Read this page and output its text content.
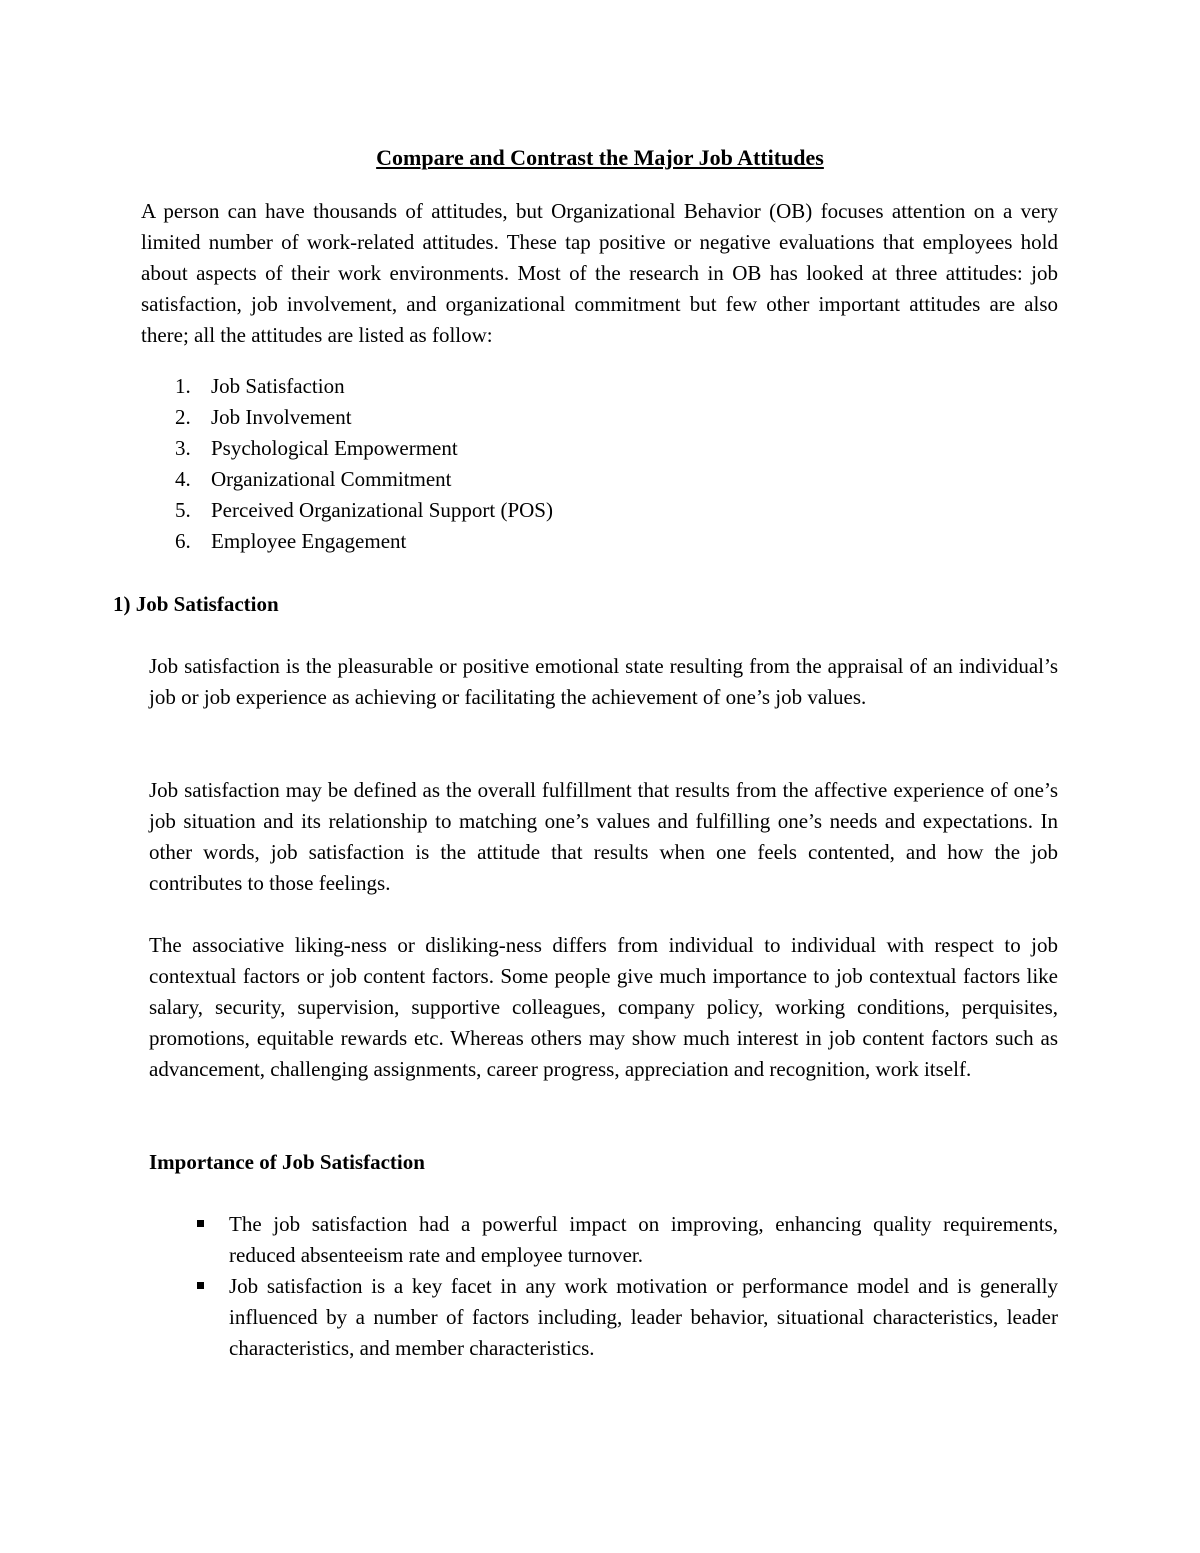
Compare and Contrast the Major Job Attitudes

A person can have thousands of attitudes, but Organizational Behavior (OB) focuses attention on a very limited number of work-related attitudes. These tap positive or negative evaluations that employees hold about aspects of their work environments. Most of the research in OB has looked at three attitudes: job satisfaction, job involvement, and organizational commitment but few other important attitudes are also there; all the attitudes are listed as follow:

1. Job Satisfaction
2. Job Involvement
3. Psychological Empowerment
4. Organizational Commitment
5. Perceived Organizational Support (POS)
6. Employee Engagement
1) Job Satisfaction

Job satisfaction is the pleasurable or positive emotional state resulting from the appraisal of an individual’s job or job experience as achieving or facilitating the achievement of one’s job values.

Job satisfaction may be defined as the overall fulfillment that results from the affective experience of one’s job situation and its relationship to matching one’s values and fulfilling one’s needs and expectations. In other words, job satisfaction is the attitude that results when one feels contented, and how the job contributes to those feelings.

The associative liking-ness or disliking-ness differs from individual to individual with respect to job contextual factors or job content factors. Some people give much importance to job contextual factors like salary, security, supervision, supportive colleagues, company policy, working conditions, perquisites, promotions, equitable rewards etc. Whereas others may show much interest in job content factors such as advancement, challenging assignments, career progress, appreciation and recognition, work itself.

Importance of Job Satisfaction
The job satisfaction had a powerful impact on improving, enhancing quality requirements, reduced absenteeism rate and employee turnover.
Job satisfaction is a key facet in any work motivation or performance model and is generally influenced by a number of factors including, leader behavior, situational characteristics, leader characteristics, and member characteristics.
